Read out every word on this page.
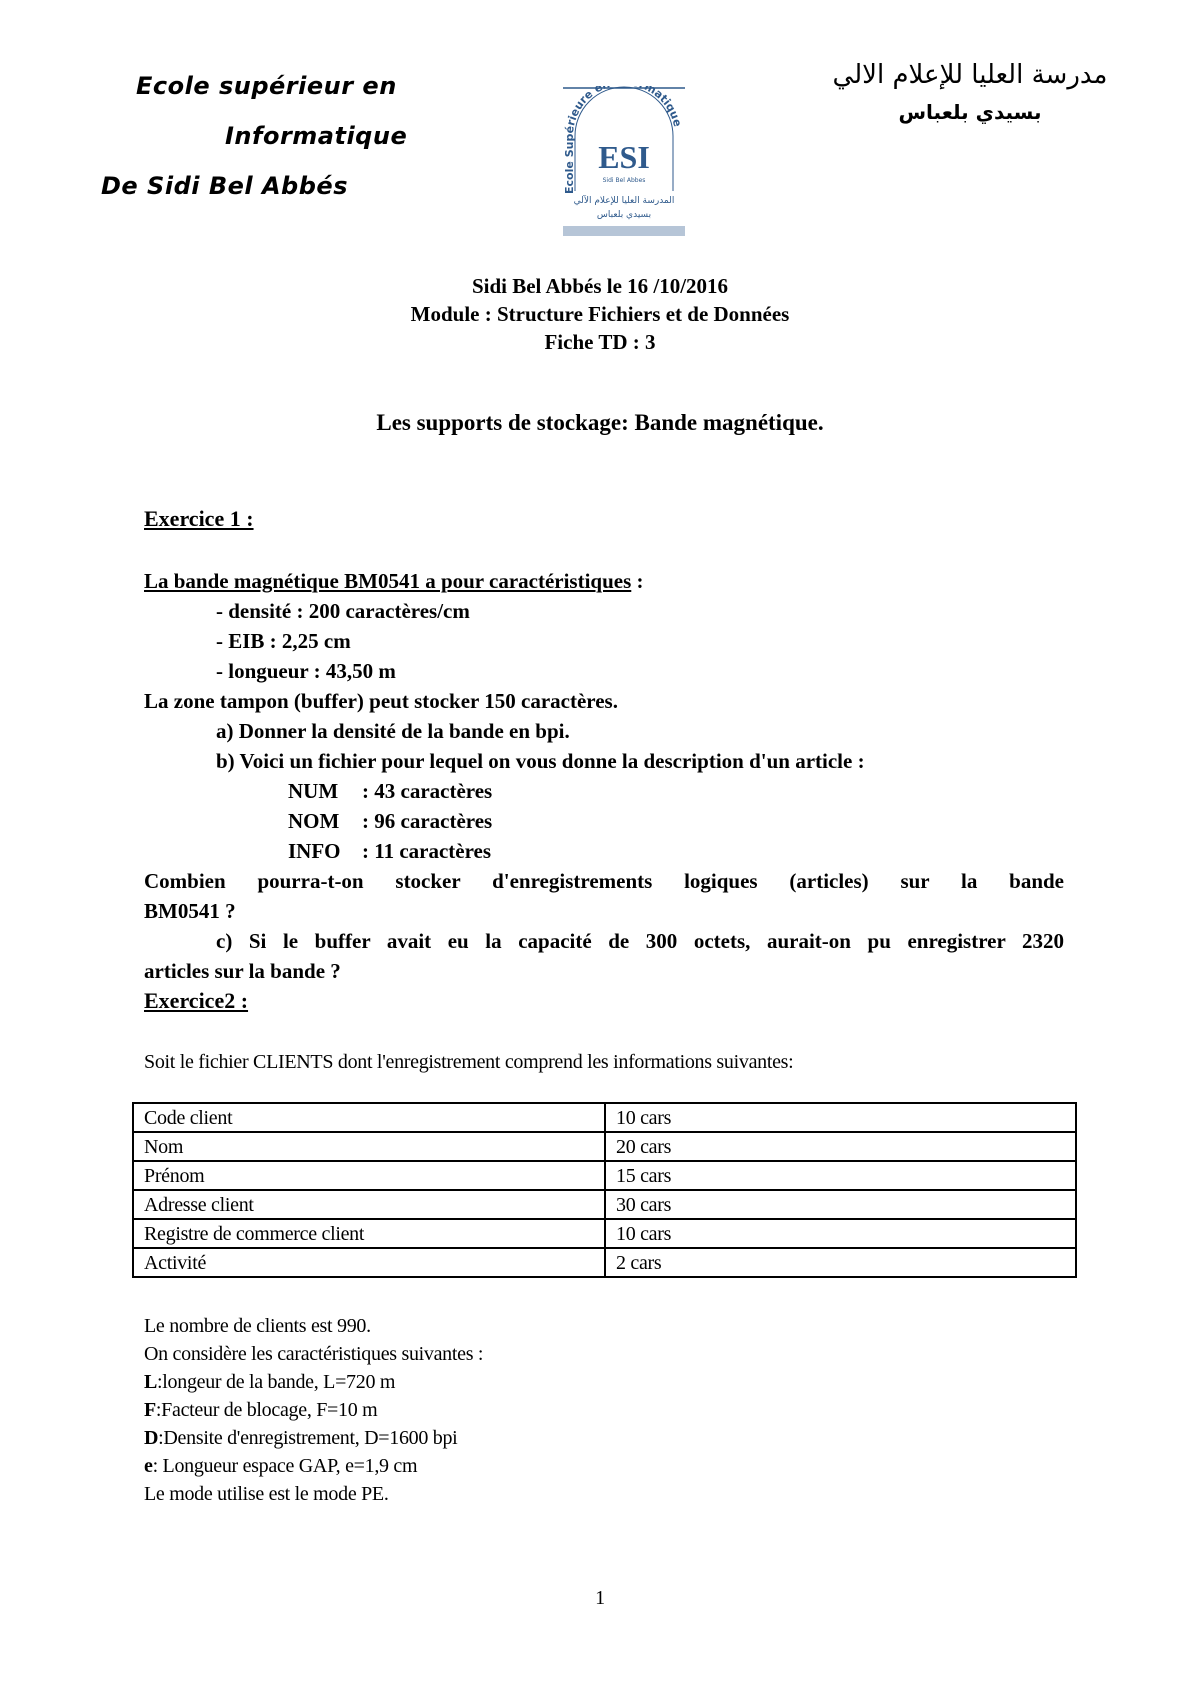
Ecole supérieur en
Informatique
De Sidi Bel Abbés	Ecole Supérieure e matique
ESI
Sidi Bel Abbes
المدرسة العليا للإعلام الآلي
بسيدي بلعباس
مدرسة العليا للإعلام الالي
بسيدي بلعباس
Sidi Bel Abbés le 16 /10/2016
Module : Structure Fichiers et de Données
Fiche TD : 3
Les supports de stockage: Bande magnétique.
Exercice 1 :
La bande magnétique BM0541 a pour caractéristiques :
- densité : 200 caractères/cm
- EIB : 2,25 cm
- longueur : 43,50 m
La zone tampon (buffer) peut stocker 150 caractères.
a) Donner la densité de la bande en bpi.
b) Voici un fichier pour lequel on vous donne la description d'un article :
NUM : 43 caractères
NOM : 96 caractères
INFO : 11 caractères
Combien pourra-t-on stocker d'enregistrements logiques (articles) sur la bande
BM0541 ?
c) Si le buffer avait eu la capacité de 300 octets, aurait-on pu enregistrer 2320
articles sur la bande ?
Exercice2 :
Soit le fichier CLIENTS dont l'enregistrement comprend les informations suivantes:
Code client	10 cars
Nom	20 cars
Prénom	15 cars
Adresse client	30 cars
Registre de commerce client	10 cars
Activité	2 cars
Le nombre de clients est 990.
On considère les caractéristiques suivantes :
L:longeur de la bande, L=720 m
F:Facteur de blocage, F=10 m
D:Densite d'enregistrement, D=1600 bpi
e: Longueur espace GAP, e=1,9 cm
Le mode utilise est le mode PE.
1
